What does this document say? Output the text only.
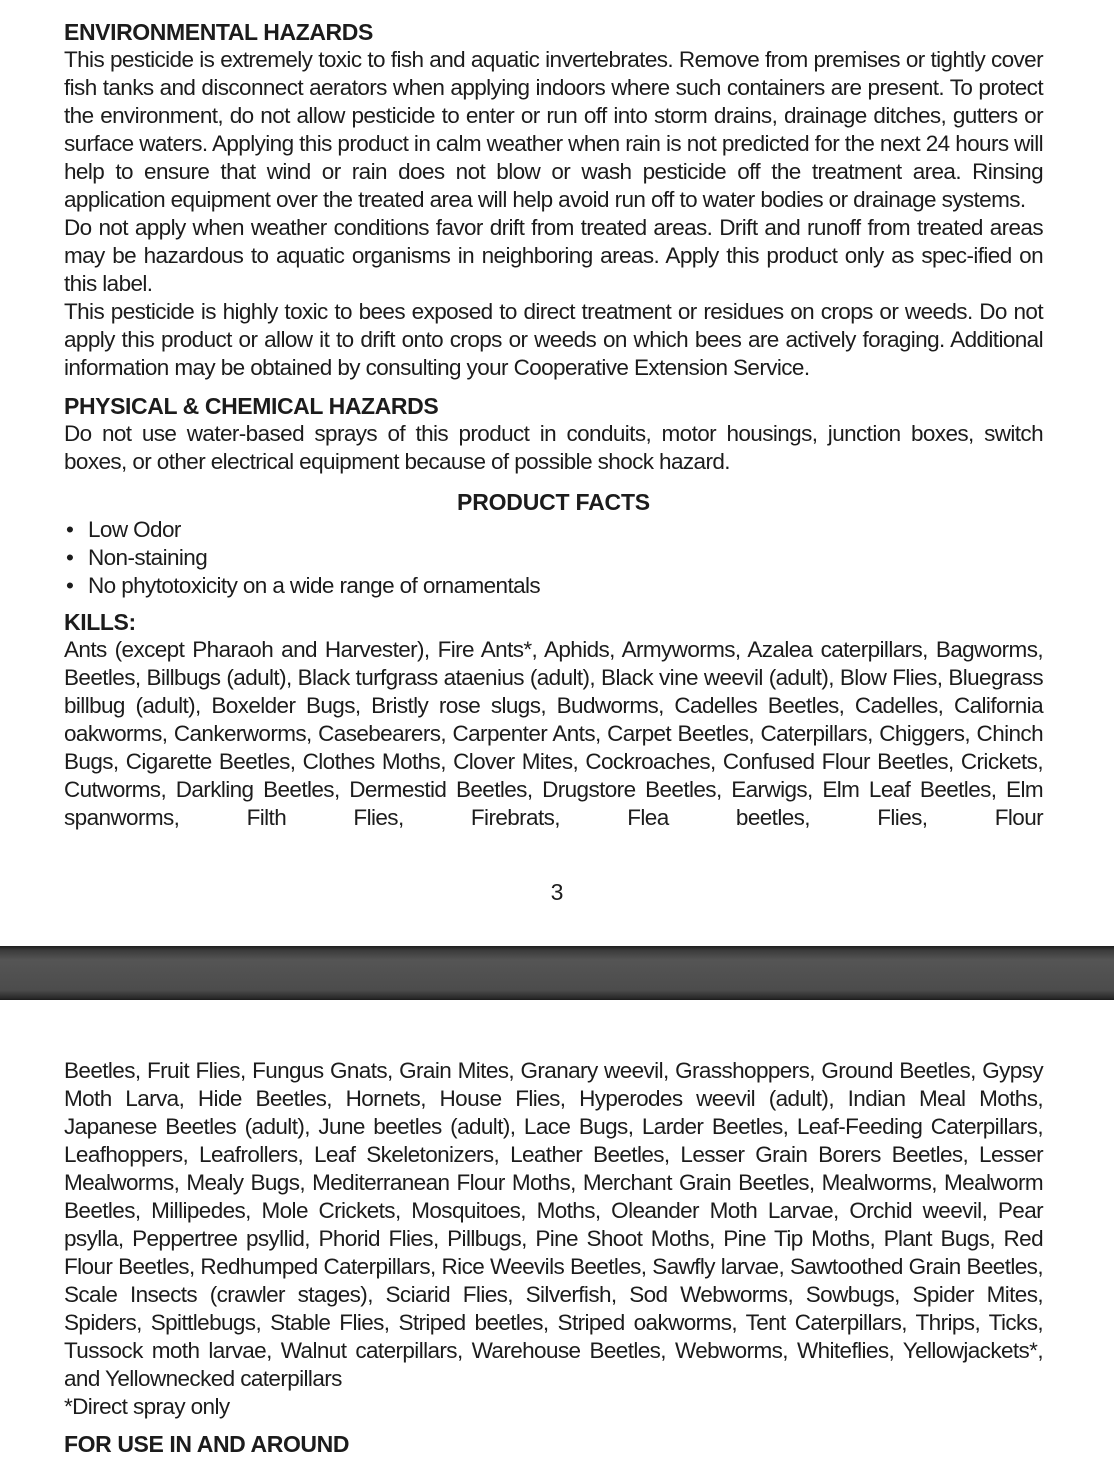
ENVIRONMENTAL HAZARDS

This pesticide is extremely toxic to fish and aquatic invertebrates. Remove from premises or tightly cover fish tanks and disconnect aerators when applying indoors where such containers are present. To protect the environment, do not allow pesticide to enter or run off into storm drains, drainage ditches, gutters or surface waters. Applying this product in calm weather when rain is not predicted for the next 24 hours will help to ensure that wind or rain does not blow or wash pesticide off the treatment area. Rinsing application equipment over the treated area will help avoid run off to water bodies or drainage systems.

Do not apply when weather conditions favor drift from treated areas. Drift and runoff from treated areas may be hazardous to aquatic organisms in neighboring areas. Apply this product only as spec-ified on this label.

This pesticide is highly toxic to bees exposed to direct treatment or residues on crops or weeds. Do not apply this product or allow it to drift onto crops or weeds on which bees are actively foraging. Additional information may be obtained by consulting your Cooperative Extension Service.

PHYSICAL & CHEMICAL HAZARDS

Do not use water-based sprays of this product in conduits, motor housings, junction boxes, switch boxes, or other electrical equipment because of possible shock hazard.

PRODUCT FACTS
• Low Odor
• Non-staining
• No phytotoxicity on a wide range of ornamentals
KILLS:

Ants (except Pharaoh and Harvester), Fire Ants*, Aphids, Armyworms, Azalea caterpillars, Bagworms, Beetles, Billbugs (adult), Black turfgrass ataenius (adult), Black vine weevil (adult), Blow Flies, Bluegrass billbug (adult), Boxelder Bugs, Bristly rose slugs, Budworms, Cadelles Beetles, Cadelles, California oakworms, Cankerworms, Casebearers, Carpenter Ants, Carpet Beetles, Caterpillars, Chiggers, Chinch Bugs, Cigarette Beetles, Clothes Moths, Clover Mites, Cockroaches, Confused Flour Beetles, Crickets, Cutworms, Darkling Beetles, Dermestid Beetles, Drugstore Beetles, Earwigs, Elm Leaf Beetles, Elm spanworms, Filth Flies, Firebrats, Flea beetles, Flies, Flour

3

Beetles, Fruit Flies, Fungus Gnats, Grain Mites, Granary weevil, Grasshoppers, Ground Beetles, Gypsy Moth Larva, Hide Beetles, Hornets, House Flies, Hyperodes weevil (adult), Indian Meal Moths, Japanese Beetles (adult), June beetles (adult), Lace Bugs, Larder Beetles, Leaf-Feeding Caterpillars, Leafhoppers, Leafrollers, Leaf Skeletonizers, Leather Beetles, Lesser Grain Borers Beetles, Lesser Mealworms, Mealy Bugs, Mediterranean Flour Moths, Merchant Grain Beetles, Mealworms, Mealworm Beetles, Millipedes, Mole Crickets, Mosquitoes, Moths, Oleander Moth Larvae, Orchid weevil, Pear psylla, Peppertree psyllid, Phorid Flies, Pillbugs, Pine Shoot Moths, Pine Tip Moths, Plant Bugs, Red Flour Beetles, Redhumped Caterpillars, Rice Weevils Beetles, Sawfly larvae, Sawtoothed Grain Beetles, Scale Insects (crawler stages), Sciarid Flies, Silverfish, Sod Webworms, Sowbugs, Spider Mites, Spiders, Spittlebugs, Stable Flies, Striped beetles, Striped oakworms, Tent Caterpillars, Thrips, Ticks, Tussock moth larvae, Walnut caterpillars, Warehouse Beetles, Webworms, Whiteflies, Yellowjackets*, and Yellownecked caterpillars

*Direct spray only

FOR USE IN AND AROUND
